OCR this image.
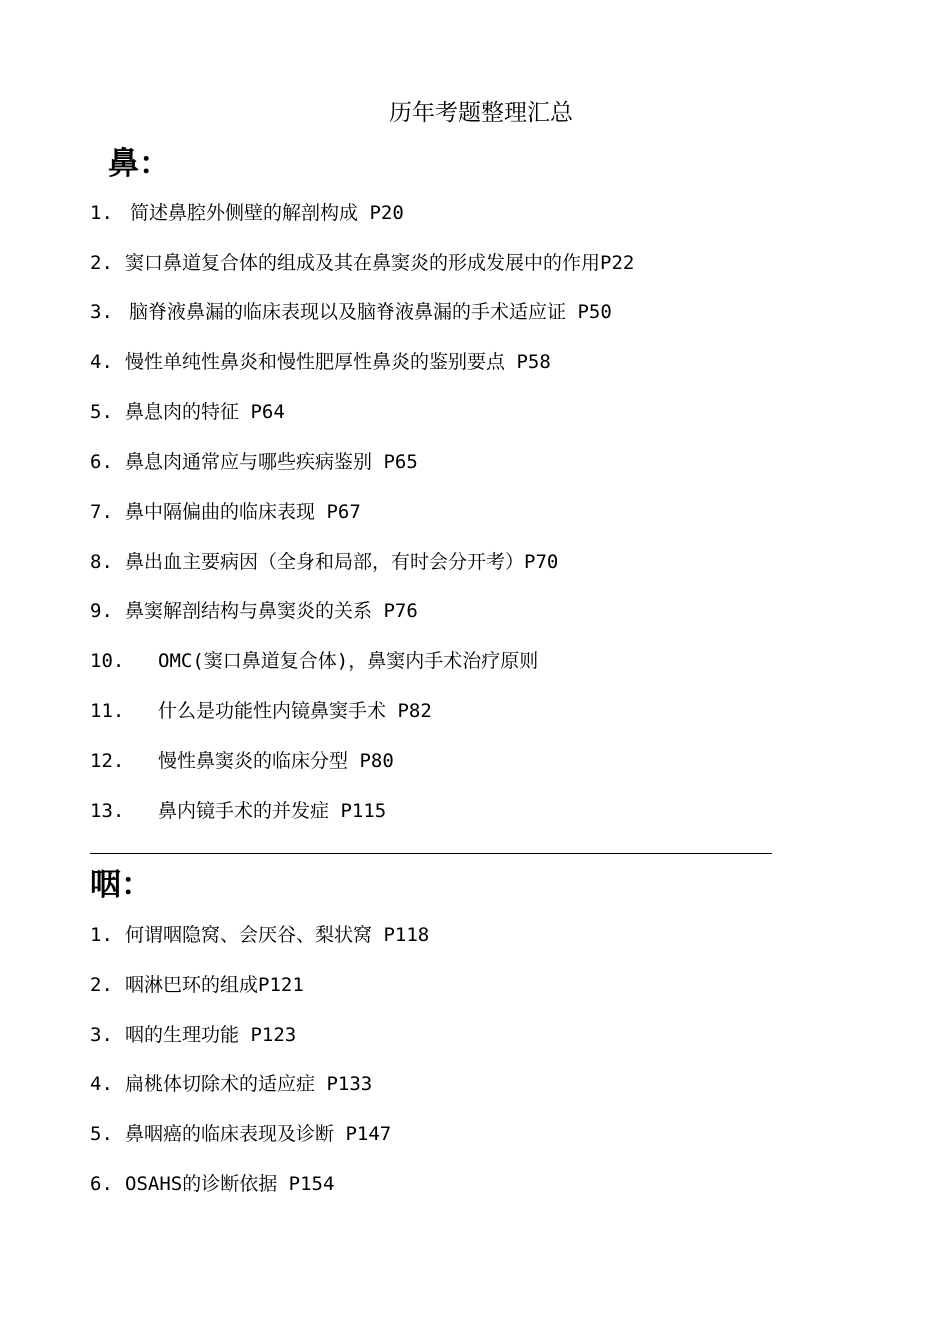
历年考题整理汇总
鼻：
1. 简述鼻腔外侧壁的解剖构成 P20
2. 窦口鼻道复合体的组成及其在鼻窦炎的形成发展中的作用P22
3. 脑脊液鼻漏的临床表现以及脑脊液鼻漏的手术适应证 P50
4. 慢性单纯性鼻炎和慢性肥厚性鼻炎的鉴别要点 P58
5. 鼻息肉的特征 P64
6. 鼻息肉通常应与哪些疾病鉴别 P65
7. 鼻中隔偏曲的临床表现 P67
8. 鼻出血主要病因（全身和局部，有时会分开考）P70
9. 鼻窦解剖结构与鼻窦炎的关系 P76
10. OMC(窦口鼻道复合体)，鼻窦内手术治疗原则
11. 什么是功能性内镜鼻窦手术 P82
12. 慢性鼻窦炎的临床分型 P80
13. 鼻内镜手术的并发症 P115
咽：
1. 何谓咽隐窝、会厌谷、梨状窝 P118
2. 咽淋巴环的组成P121
3. 咽的生理功能 P123
4. 扁桃体切除术的适应症 P133
5. 鼻咽癌的临床表现及诊断 P147
6. OSAHS的诊断依据 P154
